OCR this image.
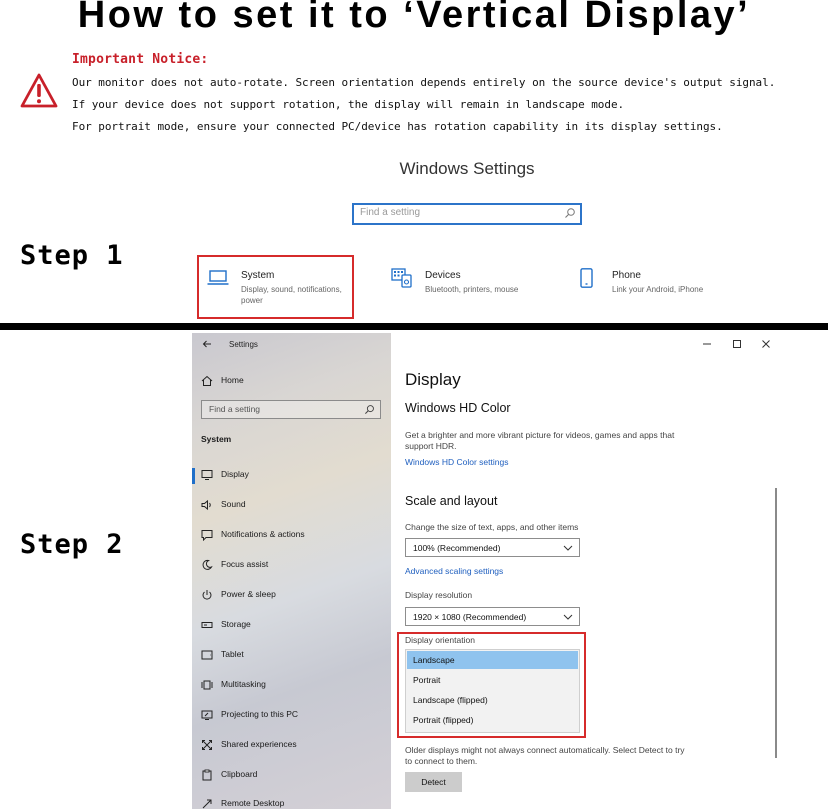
How to set it to ‘Vertical Display’
Important Notice:
Our monitor does not auto-rotate. Screen orientation depends entirely on the source device's output signal.
If your device does not support rotation, the display will remain in landscape mode.
For portrait mode, ensure your connected PC/device has rotation capability in its display settings.
Step 1
Windows Settings
Find a setting
System
Display, sound, notifications, power
Devices
Bluetooth, printers, mouse
Phone
Link your Android, iPhone
Step 2
Settings
Home
Find a setting
System
Display
Sound
Notifications & actions
Focus assist
Power & sleep
Storage
Tablet
Multitasking
Projecting to this PC
Shared experiences
Clipboard
Remote Desktop
Display
Windows HD Color
Get a brighter and more vibrant picture for videos, games and apps that support HDR.
Windows HD Color settings
Scale and layout
Change the size of text, apps, and other items
100% (Recommended)
Advanced scaling settings
Display resolution
1920 × 1080 (Recommended)
Display orientation
Landscape
Portrait
Landscape (flipped)
Portrait (flipped)
Older displays might not always connect automatically. Select Detect to try to connect to them.
Detect
